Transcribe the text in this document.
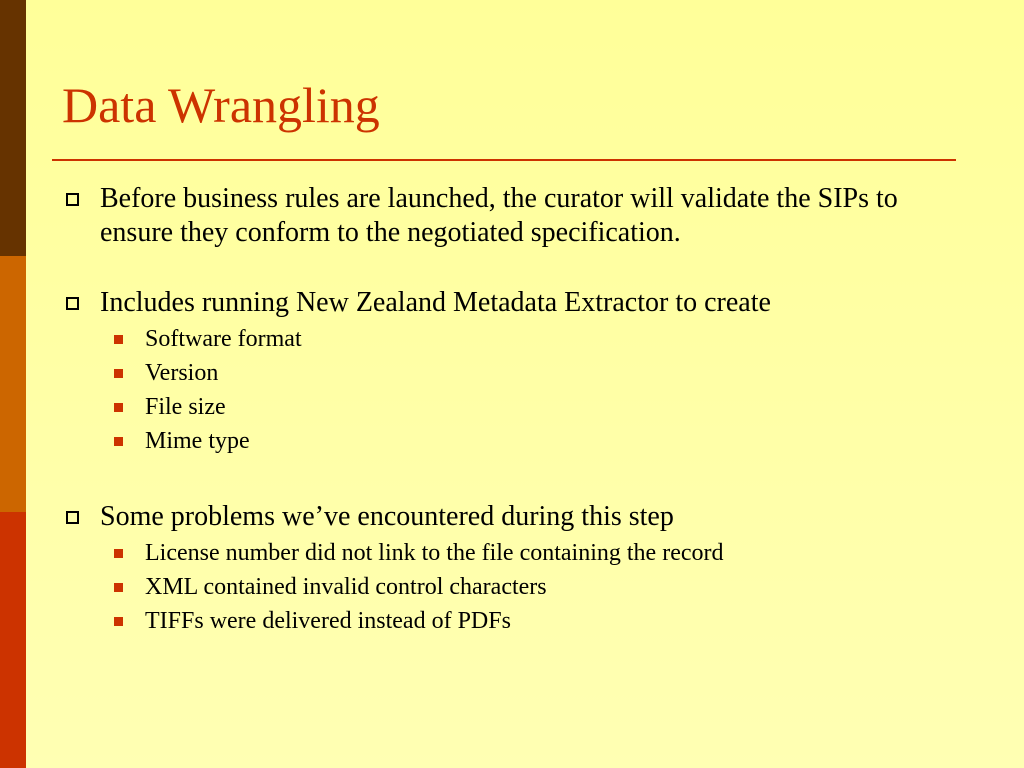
Data Wrangling
Before business rules are launched, the curator will validate the SIPs to ensure they conform to the negotiated specification.
Includes running New Zealand Metadata Extractor to create
Software format
Version
File size
Mime type
Some problems we’ve encountered during this step
License number did not link to the file containing the record
XML contained invalid control characters
TIFFs were delivered instead of PDFs
